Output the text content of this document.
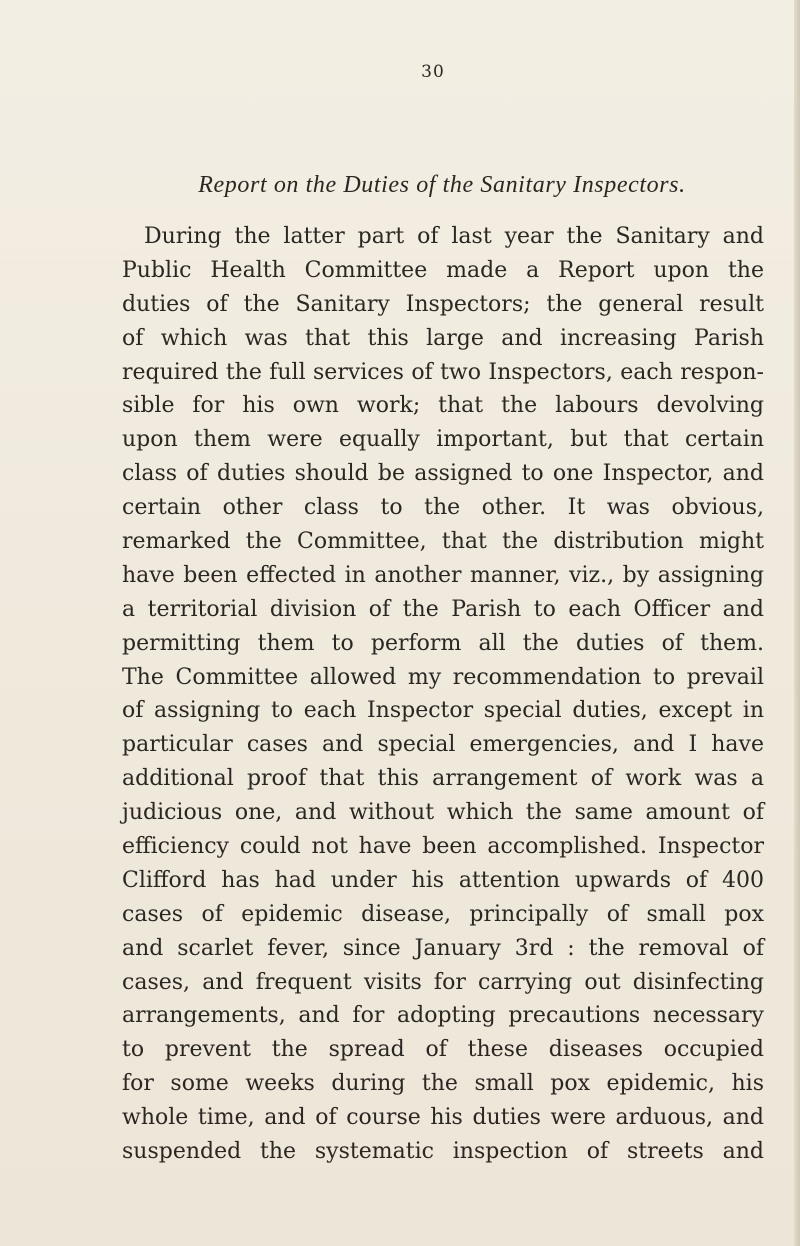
30
Report on the Duties of the Sanitary Inspectors.
During the latter part of last year the Sanitary and
Public Health Committee made a Report upon the
duties of the Sanitary Inspectors; the general result
of which was that this large and increasing Parish
required the full services of two Inspectors, each respon-
sible for his own work; that the labours devolving
upon them were equally important, but that certain
class of duties should be assigned to one Inspector, and
certain other class to the other. It was obvious,
remarked the Committee, that the distribution might
have been effected in another manner, viz., by assigning
a territorial division of the Parish to each Officer and
permitting them to perform all the duties of them.
The Committee allowed my recommendation to prevail
of assigning to each Inspector special duties, except in
particular cases and special emergencies, and I have
additional proof that this arrangement of work was a
judicious one, and without which the same amount of
efficiency could not have been accomplished. Inspector
Clifford has had under his attention upwards of 400
cases of epidemic disease, principally of small pox
and scarlet fever, since January 3rd : the removal of
cases, and frequent visits for carrying out disinfecting
arrangements, and for adopting precautions necessary
to prevent the spread of these diseases occupied
for some weeks during the small pox epidemic, his
whole time, and of course his duties were arduous, and
suspended the systematic inspection of streets and
